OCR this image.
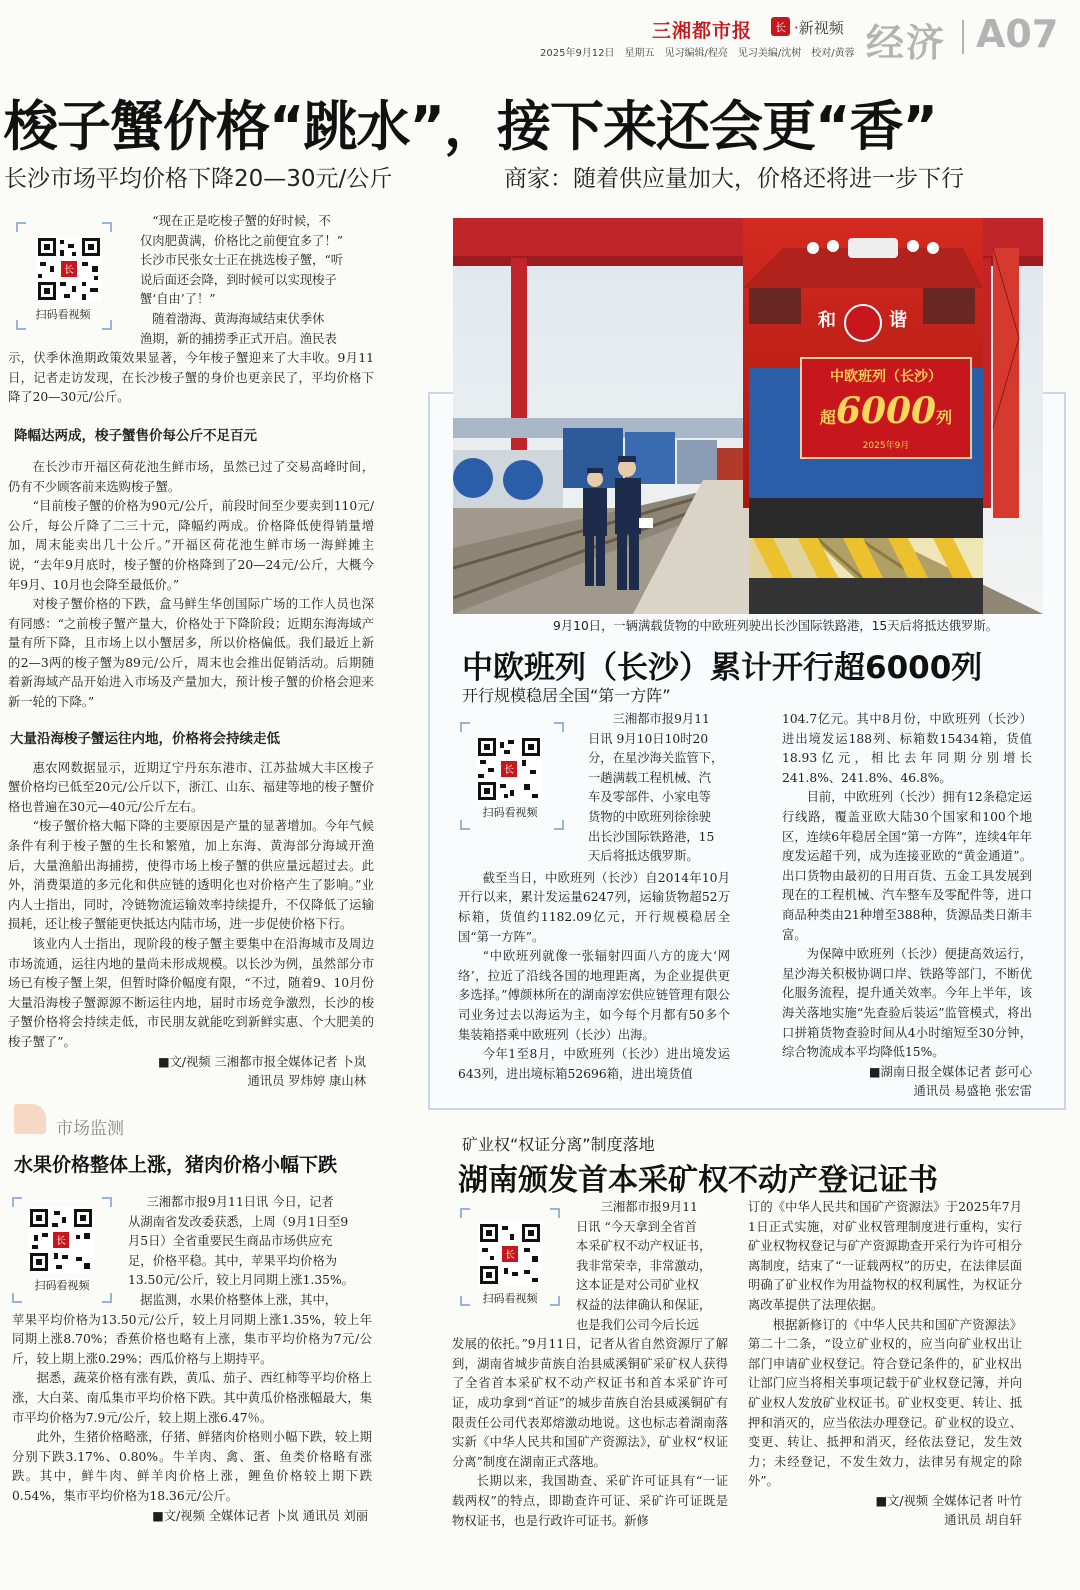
三湘都市报	长 ·新视频
2025年9月12日　星期五　见习编辑/程亮　见习美编/沈树　校对/黄蓉 经济 A07
梭子蟹价格“跳水”，接下来还会更“香”
长沙市场平均价格下降20—30元/公斤	商家：随着供应量加大，价格还将进一步下行
长
扫码看视频

“现在正是吃梭子蟹的好时候，不

仅肉肥黄满，价格比之前便宜多了！”

长沙市民张女士正在挑选梭子蟹，“听

说后面还会降，到时候可以实现梭子

蟹‘自由’了！”

　随着渤海、黄海海域结束伏季休

渔期，新的捕捞季正式开启。渔民表

示，伏季休渔期政策效果显著，今年梭子蟹迎来了大丰收。9月11日，记者走访发现，在长沙梭子蟹的身价也更亲民了，平均价格下降了20—30元/公斤。

降幅达两成，梭子蟹售价每公斤不足百元

在长沙市开福区荷花池生鲜市场，虽然已过了交易高峰时间，仍有不少顾客前来选购梭子蟹。

“目前梭子蟹的价格为90元/公斤，前段时间至少要卖到110元/公斤，每公斤降了二三十元，降幅约两成。价格降低使得销量增加，周末能卖出几十公斤。”开福区荷花池生鲜市场一海鲜摊主说，“去年9月底时，梭子蟹的价格降到了20—24元/公斤，大概今年9月、10月也会降至最低价。”

对梭子蟹价格的下跌，盒马鲜生华创国际广场的工作人员也深有同感：“之前梭子蟹产量大，价格处于下降阶段；近期东海海域产量有所下降，且市场上以小蟹居多，所以价格偏低。我们最近上新的2—3两的梭子蟹为89元/公斤，周末也会推出促销活动。后期随着新海域产品开始进入市场及产量加大，预计梭子蟹的价格会迎来新一轮的下降。”

大量沿海梭子蟹运往内地，价格将会持续走低

惠农网数据显示，近期辽宁丹东东港市、江苏盐城大丰区梭子蟹价格均已低至20元/公斤以下，浙江、山东、福建等地的梭子蟹价格也普遍在30元—40元/公斤左右。

“梭子蟹价格大幅下降的主要原因是产量的显著增加。今年气候条件有利于梭子蟹的生长和繁殖，加上东海、黄海部分海域开渔后，大量渔船出海捕捞，使得市场上梭子蟹的供应量远超过去。此外，消费渠道的多元化和供应链的透明化也对价格产生了影响。”业内人士指出，同时，冷链物流运输效率持续提升，不仅降低了运输损耗，还让梭子蟹能更快抵达内陆市场，进一步促使价格下行。

该业内人士指出，现阶段的梭子蟹主要集中在沿海城市及周边市场流通，运往内地的量尚未形成规模。以长沙为例，虽然部分市场已有梭子蟹上架，但暂时降价幅度有限，“不过，随着9、10月份大量沿海梭子蟹源源不断运往内地，届时市场竞争激烈，长沙的梭子蟹价格将会持续走低，市民朋友就能吃到新鲜实惠、个大肥美的梭子蟹了”。

■文/视频 三湘都市报全媒体记者 卜岚
通讯员 罗炜婷 康山林
市场监测
水果价格整体上涨，猪肉价格小幅下跌
长
扫码看视频

三湘都市报9月11日讯 今日，记者

从湖南省发改委获悉，上周（9月1日至9

月5日）全省重要民生商品市场供应充

足，价格平稳。其中，苹果平均价格为

13.50元/公斤，较上月同期上涨1.35%。

　据监测，水果价格整体上涨，其中，

苹果平均价格为13.50元/公斤，较上月同期上涨1.35%，较上年同期上涨8.70%；香蕉价格也略有上涨，集市平均价格为7元/公斤，较上期上涨0.29%；西瓜价格与上期持平。

据悉，蔬菜价格有涨有跌，黄瓜、茄子、西红柿等平均价格上涨，大白菜、南瓜集市平均价格下跌。其中黄瓜价格涨幅最大，集市平均价格为7.9元/公斤，较上期上涨6.47％。

此外，生猪价格略涨，仔猪、鲜猪肉价格则小幅下跌，较上期分别下跌3.17%、0.80%。牛羊肉、禽、蛋、鱼类价格略有涨跌。其中，鲜牛肉、鲜羊肉价格上涨，鲤鱼价格较上期下跌0.54%，集市平均价格为18.36元/公斤。

■文/视频 全媒体记者 卜岚 通讯员 刘丽
和	谐
中欧班列（长沙）
超6000列
2025年9月
9月10日，一辆满载货物的中欧班列驶出长沙国际铁路港，15天后将抵达俄罗斯。
中欧班列（长沙）累计开行超6000列
开行规模稳居全国“第一方阵”
长
扫码看视频

三湘都市报9月11

日讯 9月10日10时20

分，在星沙海关监管下，

一趟满载工程机械、汽

车及零部件、小家电等

货物的中欧班列徐徐驶

出长沙国际铁路港，15

天后将抵达俄罗斯。

截至当日，中欧班列（长沙）自2014年10月开行以来，累计发运量6247列，运输货物超52万标箱，货值约1182.09亿元，开行规模稳居全国“第一方阵”。

“中欧班列就像一张辐射四面八方的庞大‘网络’，拉近了沿线各国的地理距离，为企业提供更多选择。”傅颜林所在的湖南淳宏供应链管理有限公司业务过去以海运为主，如今每个月都有50多个集装箱搭乘中欧班列（长沙）出海。

今年1至8月，中欧班列（长沙）进出境发运643列，进出境标箱52696箱，进出境货值

104.7亿元。其中8月份，中欧班列（长沙）进出境发运188列、标箱数15434箱，货值18.93亿元，相比去年同期分别增长241.8%、241.8%、46.8%。

目前，中欧班列（长沙）拥有12条稳定运行线路，覆盖亚欧大陆30个国家和100个地区，连续6年稳居全国“第一方阵”，连续4年年度发运超千列，成为连接亚欧的“黄金通道”。出口货物由最初的日用百货、五金工具发展到现在的工程机械、汽车整车及零配件等，进口商品种类由21种增至388种，货源品类日渐丰富。

为保障中欧班列（长沙）便捷高效运行，星沙海关积极协调口岸、铁路等部门，不断优化服务流程，提升通关效率。今年上半年，该海关落地实施“先查验后装运”监管模式，将出口拼箱货物查验时间从4小时缩短至30分钟，综合物流成本平均降低15%。

■湖南日报全媒体记者 彭可心
通讯员 易盛艳 张宏雷
矿业权“权证分离”制度落地
湖南颁发首本采矿权不动产登记证书
长
扫码看视频

三湘都市报9月11

日讯 “今天拿到全省首

本采矿权不动产权证书，

我非常荣幸，非常激动，

这本证是对公司矿业权

权益的法律确认和保证，

也是我们公司今后长远

发展的依托。”9月11日，记者从省自然资源厅了解到，湖南省城步苗族自治县威溪铜矿采矿权人获得了全省首本采矿权不动产权证书和首本采矿许可证，成功拿到“首证”的城步苗族自治县威溪铜矿有限责任公司代表郑熔激动地说。这也标志着湖南落实新《中华人民共和国矿产资源法》，矿业权“权证分离”制度在湖南正式落地。

长期以来，我国勘查、采矿许可证具有“一证载两权”的特点，即勘查许可证、采矿许可证既是物权证书，也是行政许可证书。新修

订的《中华人民共和国矿产资源法》于2025年7月1日正式实施，对矿业权管理制度进行重构，实行矿业权物权登记与矿产资源勘查开采行为许可相分离制度，结束了“一证载两权”的历史，在法律层面明确了矿业权作为用益物权的权利属性，为权证分离改革提供了法理依据。

根据新修订的《中华人民共和国矿产资源法》第二十二条，“设立矿业权的，应当向矿业权出让部门申请矿业权登记。符合登记条件的，矿业权出让部门应当将相关事项记载于矿业权登记簿，并向矿业权人发放矿业权证书。矿业权变更、转让、抵押和消灭的，应当依法办理登记。矿业权的设立、变更、转让、抵押和消灭，经依法登记，发生效力；未经登记，不发生效力，法律另有规定的除外”。

■文/视频 全媒体记者 叶竹
通讯员 胡自轩
